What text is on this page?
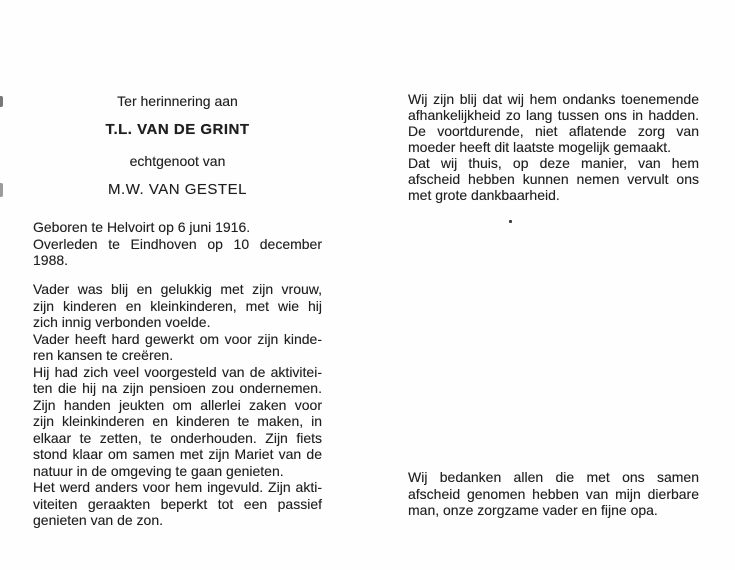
Ter herinnering aan
T.L. VAN DE GRINT
echtgenoot van
M.W. VAN GESTEL
Geboren te Helvoirt op 6 juni 1916.
Overleden te Eindhoven op 10 december
1988.
Vader was blij en gelukkig met zijn vrouw,
zijn kinderen en kleinkinderen, met wie hij
zich innig verbonden voelde.
Vader heeft hard gewerkt om voor zijn kinde-
ren kansen te creëren.
Hij had zich veel voorgesteld van de aktivitei-
ten die hij na zijn pensioen zou ondernemen.
Zijn handen jeukten om allerlei zaken voor
zijn kleinkinderen en kinderen te maken, in
elkaar te zetten, te onderhouden. Zijn fiets
stond klaar om samen met zijn Mariet van de
natuur in de omgeving te gaan genieten.
Het werd anders voor hem ingevuld. Zijn akti-
viteiten geraakten beperkt tot een passief
genieten van de zon.
Wij zijn blij dat wij hem ondanks toenemende
afhankelijkheid zo lang tussen ons in hadden.
De voortdurende, niet aflatende zorg van
moeder heeft dit laatste mogelijk gemaakt.
Dat wij thuis, op deze manier, van hem
afscheid hebben kunnen nemen vervult ons
met grote dankbaarheid.
Wij bedanken allen die met ons samen
afscheid genomen hebben van mijn dierbare
man, onze zorgzame vader en fijne opa.
